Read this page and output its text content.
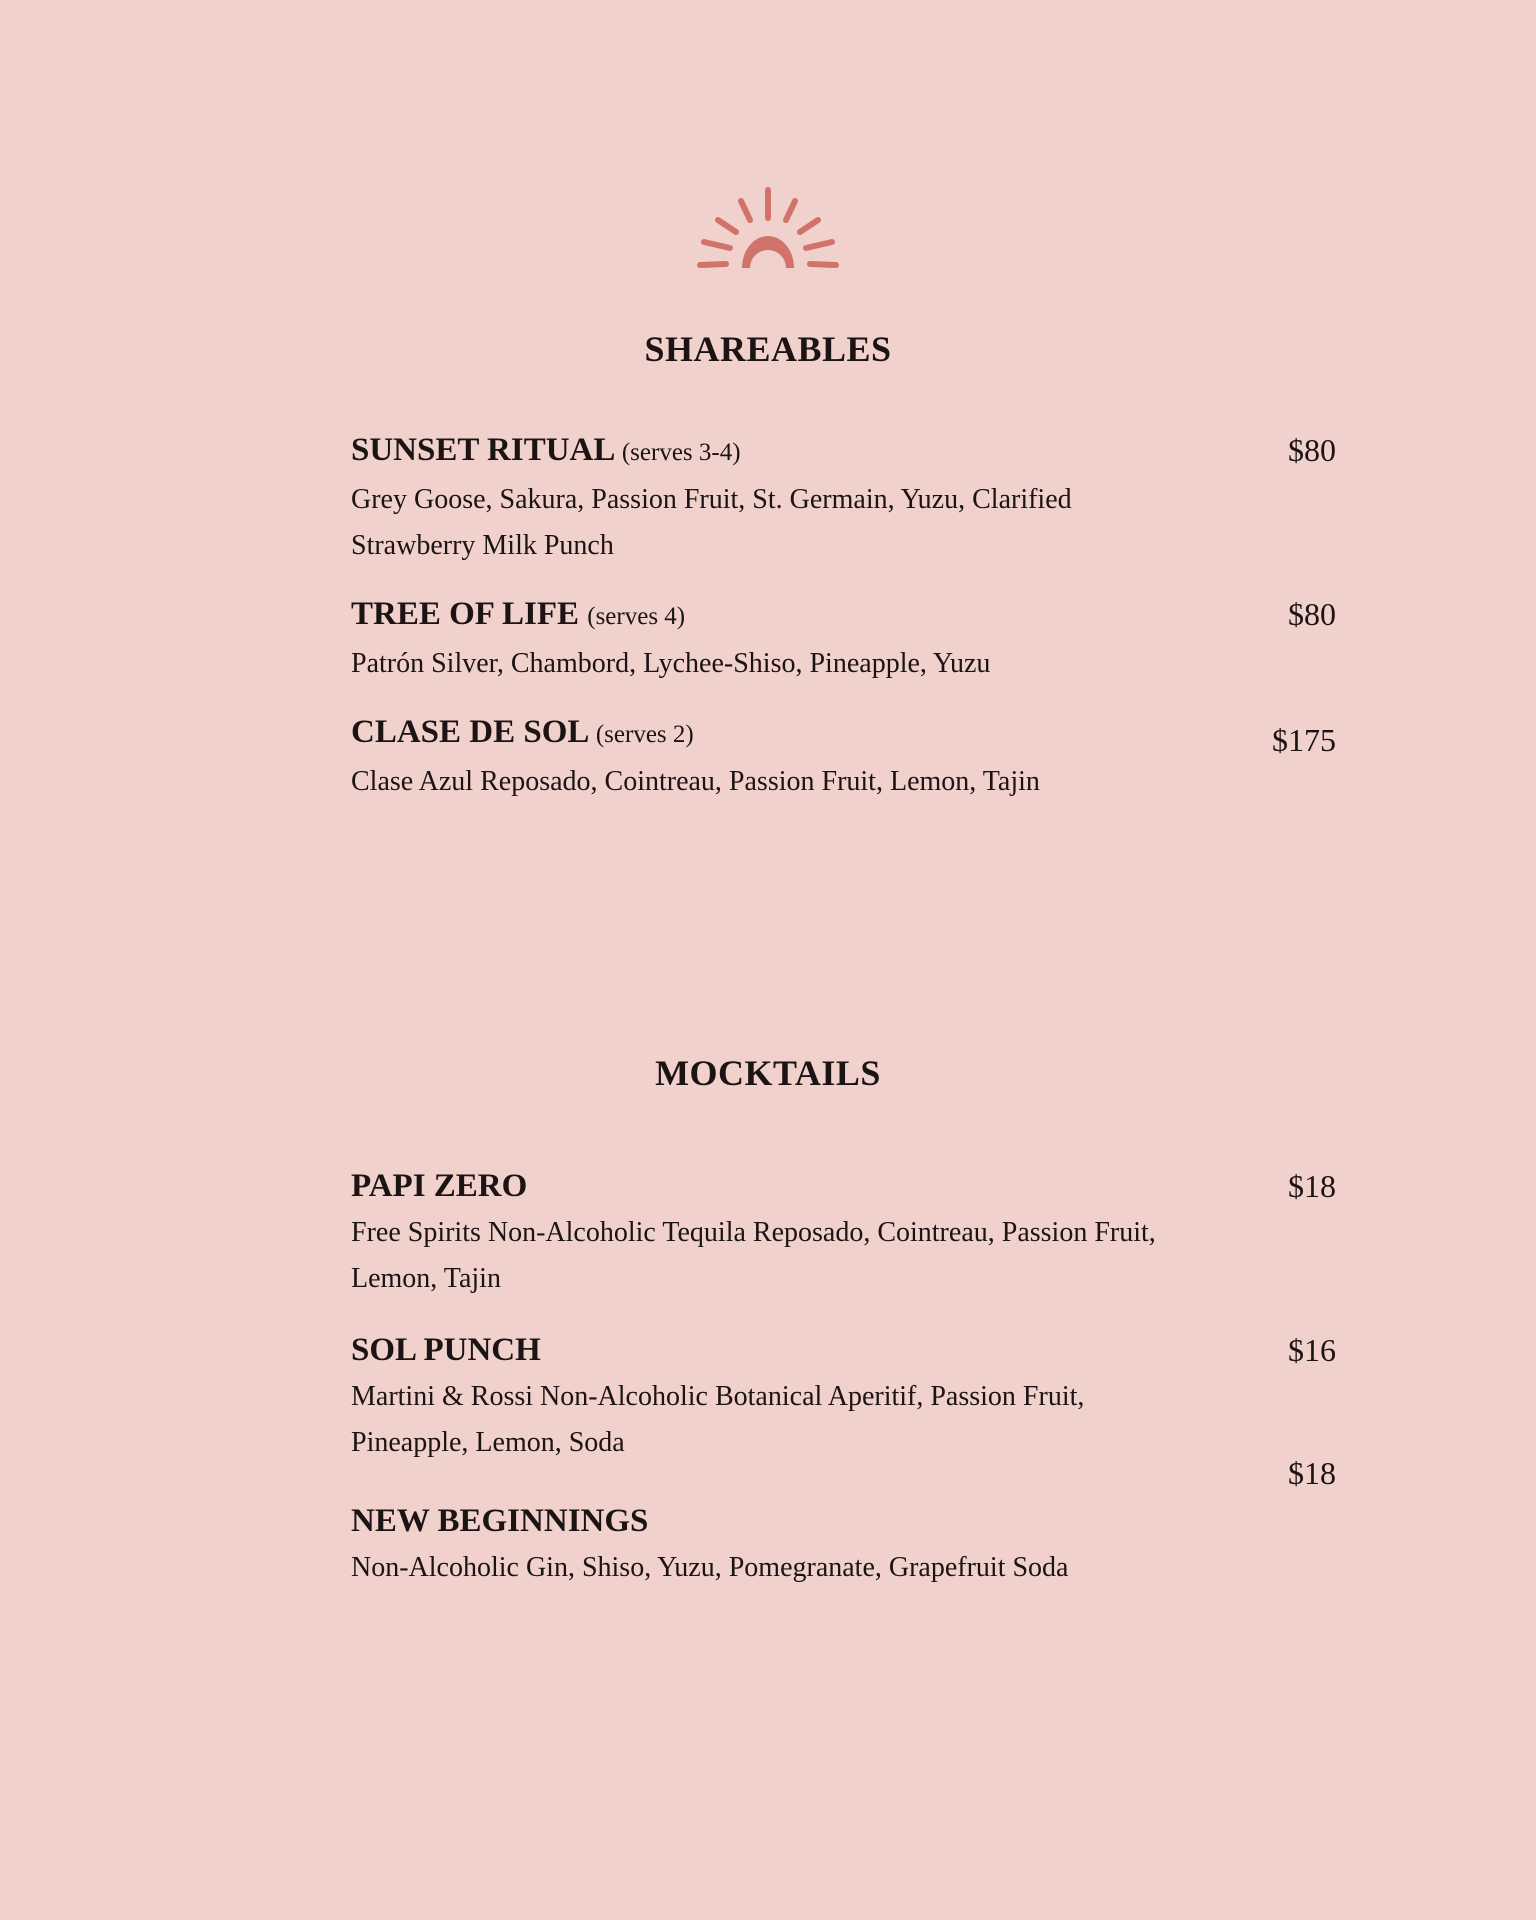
SHAREABLES
SUNSET RITUAL (serves 3-4)
Grey Goose, Sakura, Passion Fruit, St. Germain, Yuzu, Clarified Strawberry Milk Punch
$80
TREE OF LIFE (serves 4)
Patrón Silver, Chambord, Lychee-Shiso, Pineapple, Yuzu
$80
CLASE DE SOL (serves 2)
Clase Azul Reposado, Cointreau, Passion Fruit, Lemon, Tajin
$175
MOCKTAILS
PAPI ZERO
Free Spirits Non-Alcoholic Tequila Reposado, Cointreau, Passion Fruit, Lemon, Tajin
$18
SOL PUNCH
Martini & Rossi Non-Alcoholic Botanical Aperitif, Passion Fruit, Pineapple, Lemon, Soda
$16
NEW BEGINNINGS
Non-Alcoholic Gin, Shiso, Yuzu, Pomegranate, Grapefruit Soda
$18
